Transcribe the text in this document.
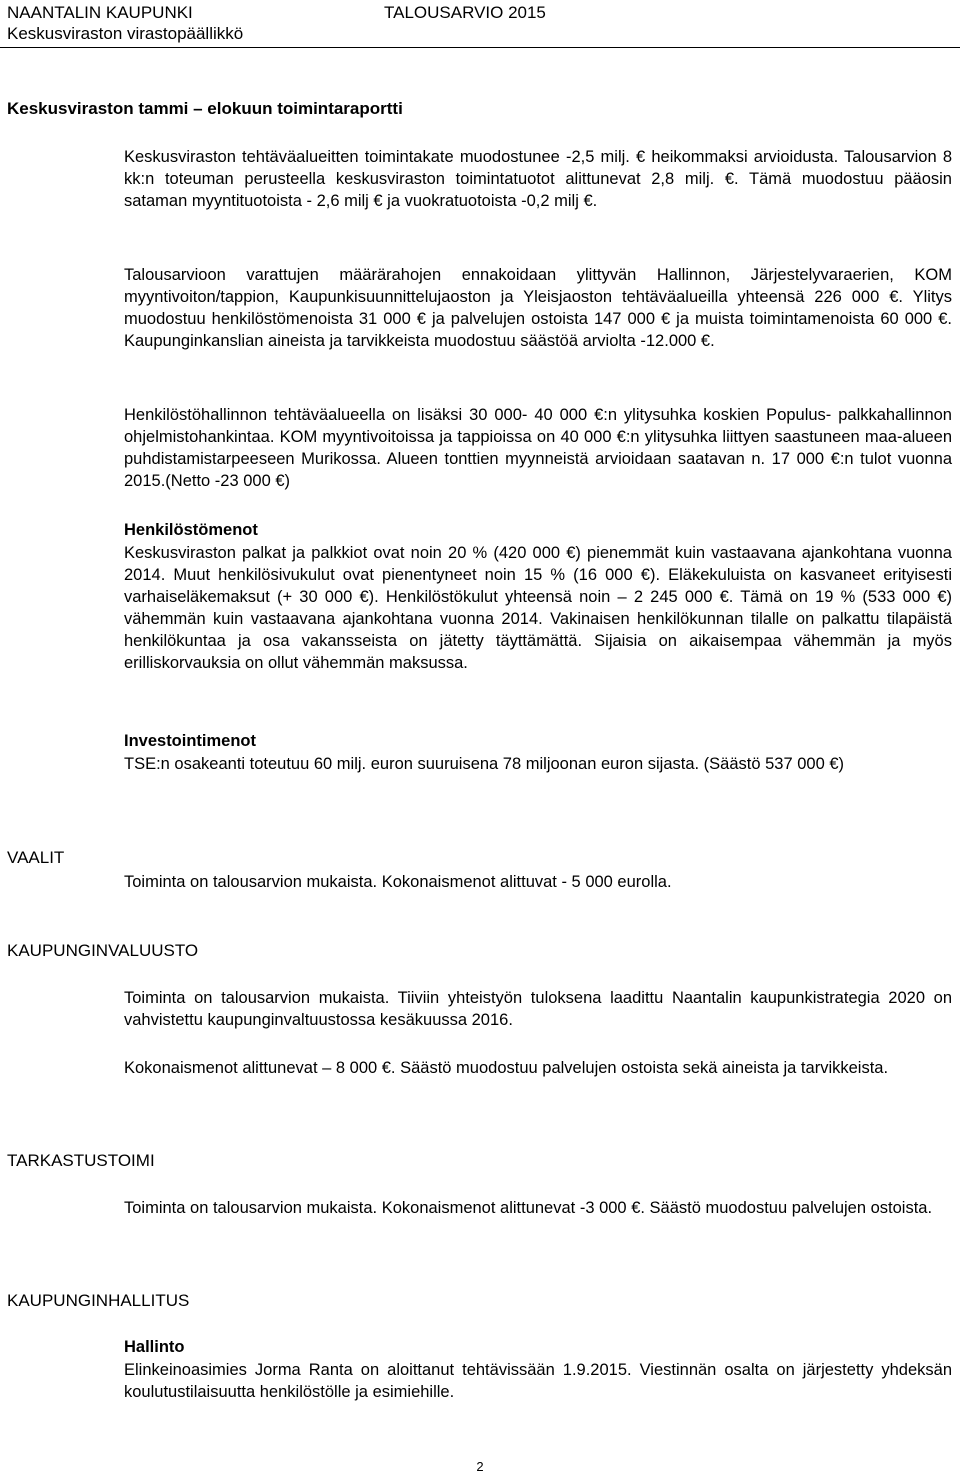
NAANTALIN KAUPUNKI	TALOUSARVIO 2015
Keskusviraston virastopäällikkö
Keskusviraston tammi – elokuun toimintaraportti

Keskusviraston tehtäväalueitten toimintakate muodostunee -2,5 milj. € heikommaksi arvioidusta. Talousarvion 8 kk:n toteuman perusteella keskusviraston toimintatuotot alittunevat 2,8 milj. €. Tämä muodostuu pääosin sataman myyntituotoista - 2,6 milj € ja vuokratuotoista -0,2 milj €.

Talousarvioon varattujen määrärahojen ennakoidaan ylittyvän Hallinnon, Järjestelyvaraerien, KOM myyntivoiton/tappion, Kaupunkisuunnittelujaoston ja Yleisjaoston tehtäväalueilla yhteensä 226 000 €. Ylitys muodostuu henkilöstömenoista 31 000 € ja palvelujen ostoista 147 000 € ja muista toimintamenoista 60 000 €. Kaupunginkanslian aineista ja tarvikkeista muodostuu säästöä arviolta -12.000 €.

Henkilöstöhallinnon tehtäväalueella on lisäksi 30 000- 40 000 €:n ylitysuhka koskien Populus- palkkahallinnon ohjelmistohankintaa. KOM myyntivoitoissa ja tappioissa on 40 000 €:n ylitysuhka liittyen saastuneen maa-alueen puhdistamistarpeeseen Murikossa. Alueen tonttien myynneistä arvioidaan saatavan n. 17 000 €:n tulot vuonna 2015.(Netto -23 000 €)

Henkilöstömenot

Keskusviraston palkat ja palkkiot ovat noin 20 % (420 000 €) pienemmät kuin vastaavana ajankohtana vuonna 2014. Muut henkilösivukulut ovat pienentyneet noin 15 % (16 000 €). Eläkekuluista on kasvaneet erityisesti varhaiseläkemaksut (+ 30 000 €). Henkilöstökulut yhteensä noin – 2 245 000 €. Tämä on 19 % (533 000 €) vähemmän kuin vastaavana ajankohtana vuonna 2014. Vakinaisen henkilökunnan tilalle on palkattu tilapäistä henkilökuntaa ja osa vakansseista on jätetty täyttämättä. Sijaisia on aikaisempaa vähemmän ja myös erilliskorvauksia on ollut vähemmän maksussa.

Investointimenot

TSE:n osakeanti toteutuu 60 milj. euron suuruisena 78 miljoonan euron sijasta. (Säästö 537 000 €)

VAALIT

Toiminta on talousarvion mukaista. Kokonaismenot alittuvat - 5 000 eurolla.

KAUPUNGINVALUUSTO

Toiminta on talousarvion mukaista. Tiiviin yhteistyön tuloksena laadittu Naantalin kaupunkistrategia 2020 on vahvistettu kaupunginvaltuustossa kesäkuussa 2016.

Kokonaismenot alittunevat – 8 000 €. Säästö muodostuu palvelujen ostoista sekä aineista ja tarvikkeista.

TARKASTUSTOIMI

Toiminta on talousarvion mukaista. Kokonaismenot alittunevat -3 000 €. Säästö muodostuu palvelujen ostoista.

KAUPUNGINHALLITUS
Hallinto

Elinkeinoasimies Jorma Ranta on aloittanut tehtävissään 1.9.2015. Viestinnän osalta on järjestetty yhdeksän koulutustilaisuutta henkilöstölle ja esimiehille.

2
